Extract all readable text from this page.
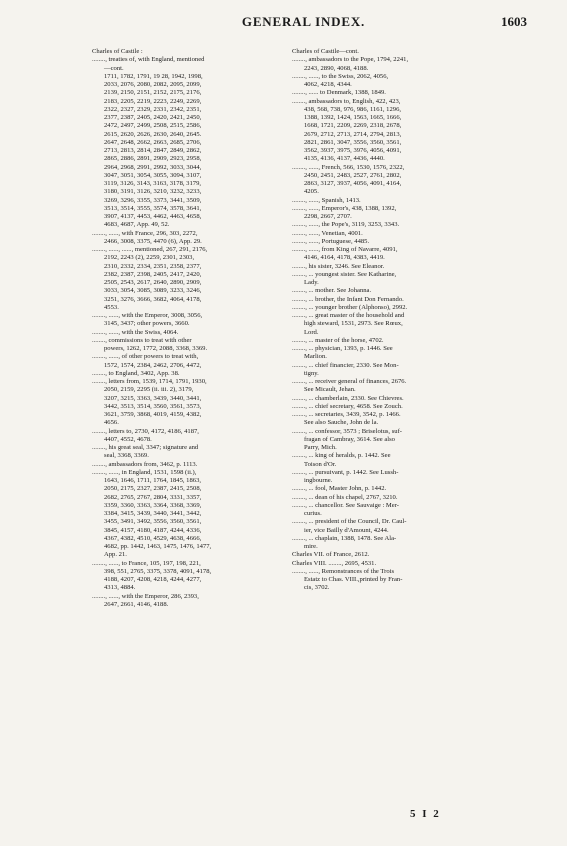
GENERAL INDEX.	1603
Charles of Castile :
........, treaties of, with England, mentioned
—cont.
1711, 1782, 1791, 19 28, 1942, 1998,
2033, 2076, 2080, 2082, 2095, 2099,
2139, 2150, 2151, 2152, 2175, 2176,
2183, 2205, 2219, 2223, 2249, 2269,
2322, 2327, 2329, 2331, 2342, 2351,
2377, 2387, 2405, 2420, 2421, 2450,
2472, 2497, 2499, 2508, 2515, 2586,
2615, 2620, 2626, 2630, 2640, 2645.
2647, 2648, 2662, 2663, 2685, 2706,
2713, 2813, 2814, 2847, 2849, 2862,
2865, 2886, 2891, 2909, 2923, 2958,
2964, 2968, 2991, 2992, 3033, 3044,
3047, 3051, 3054, 3055, 3094, 3107,
3119, 3126, 3143, 3163, 3178, 3179,
3180, 3191, 3126, 3210, 3232, 3233,
3269, 3296, 3355, 3373, 3441, 3509,
3513, 3514, 3555, 3574, 3578, 3641,
3907, 4137, 4453, 4462, 4463, 4658,
4683, 4687, App. 49, 52.
........, ......, with France, 296, 303, 2272,
2466, 3008, 3375, 4470 (6), App. 29.
........, ......, ......, mentioned, 267, 291, 2176,
2192, 2243 (2), 2259, 2301, 2303,
2310, 2332, 2334, 2351, 2358, 2377,
2382, 2387, 2398, 2405, 2417, 2420,
2505, 2543, 2617, 2640, 2890, 2909,
3033, 3054, 3085, 3089, 3233, 3246,
3251, 3276, 3666, 3682, 4064, 4178,
4553.
........, ......, with the Emperor, 3008, 3056,
3145, 3437; other powers, 3660.
........, ......, with the Swiss, 4064.
........, commissions to treat with other
powers, 1262, 1772, 2088, 3368, 3369.
........, ......, of other powers to treat with,
1572, 1574, 2384, 2462, 2706, 4472,
........, to England, 3402, App. 38.
........, letters from, 1539, 1714, 1791, 1930,
2050, 2159, 2295 (ii. iii. 2), 3179,
3207, 3215, 3363, 3439, 3440, 3441,
3442, 3513, 3514, 3560, 3561, 3573,
3621, 3759, 3868, 4019, 4159, 4382,
4656.
........, letters to, 2730, 4172, 4186, 4187,
4407, 4552, 4678.
........, his great seal, 3347; signature and
seal, 3368, 3369.
........, ambassadors from, 3462, p. 1113.
........, ......, in England, 1531, 1598 (ii.),
1643, 1646, 1711, 1764, 1845, 1863,
2050, 2175, 2327, 2387, 2415, 2508,
2682, 2765, 2767, 2804, 3331, 3357,
3359, 3360, 3363, 3364, 3368, 3369,
3384, 3415, 3439, 3440, 3441, 3442,
3455, 3491, 3492, 3556, 3560, 3561,
3845, 4157, 4180, 4187, 4244, 4336,
4367, 4382, 4510, 4529, 4638, 4666,
4682, pp. 1442, 1463, 1475, 1476, 1477,
App. 21.
........, ......, to France, 105, 197, 198, 221,
398, 551, 2765, 3375, 3378, 4091, 4178,
4188, 4207, 4208, 4218, 4244, 4277,
4313, 4884.
........, ......, with the Emperor, 286, 2393,
2647, 2661, 4146, 4188.
Charles of Castile—cont.
........, ambassadors to the Pope, 1794, 2241,
2243, 2890, 4068, 4188.
........, ......, to the Swiss, 2062, 4056,
4062, 4218, 4344.
........, ...... to Denmark, 1388, 1849.
........, ambassadors to, English, 422, 423,
438, 568, 738, 976, 986, 1161, 1296,
1388, 1392, 1424, 1563, 1665, 1666,
1668, 1721, 2209, 2269, 2318, 2678,
2679, 2712, 2713, 2714, 2794, 2813,
2821, 2861, 3047, 3556, 3560, 3561,
3562, 3937, 3975, 3976, 4056, 4091,
4135, 4136, 4137, 4436, 4440.
........, ......, French, 566, 1530, 1576, 2322,
2450, 2451, 2483, 2527, 2761, 2802,
2863, 3127, 3937, 4056, 4091, 4164,
4205.
........, ......, Spanish, 1413.
........, ......, Emperor's, 438, 1388, 1392,
2298, 2667, 2707.
........, ......, the Pope's, 3119, 3253, 3343.
........, ......, Venetian, 4001.
........, ......, Portuguese, 4485.
........, ......, from King of Navarre, 4091,
4146, 4164, 4178, 4383, 4419.
........, his sister, 3246. See Eleanor.
........, ... youngest sister. See Katharine,
Lady.
........, ... mother. See Johanna.
........, ... brother, the Infant Don Fernando.
........, ... younger brother (Alphonso), 2992.
........, ... great master of the household and
high steward, 1531, 2973. See Rœux,
Lord.
........, ... master of the horse, 4702.
........, ... physician, 1393, p. 1446. See
Marlion.
........, ... chief financier, 2330. See Mon-
tigny.
........, ... receiver general of finances, 2676.
See Micault, Jehan.
........, ... chamberlain, 2330. See Chievres.
........, ... chief secretary, 4658. See Zouch.
........, ... secretaries, 3439, 3542, p. 1466.
See also Sauche, John de la.
........, ... confessor, 3573 ; Briselotus, suf-
fragan of Cambray, 3614. See also
Parry, Mich.
........, ... king of heralds, p. 1442. See
Toison d'Or.
........, ... pursuivant, p. 1442. See Lussh-
ingbourne.
........, ... fool, Master John, p. 1442.
........, ... dean of his chapel, 2767, 3210.
........, ... chancellor. See Sauvaige : Mer-
curius.
........, ... president of the Council, Dr. Caul-
ier, vice Bailly d'Amount, 4244.
........, ... chaplain, 1388, 1478. See Ala-
mire.
Charles VII. of France, 2612.
Charles VIII. ........, 2695, 4531.
........, ......, Remonstrances of the Trois
Estatz to Chas. VIII.,printed by Fran-
cis, 3702.
5 I 2
